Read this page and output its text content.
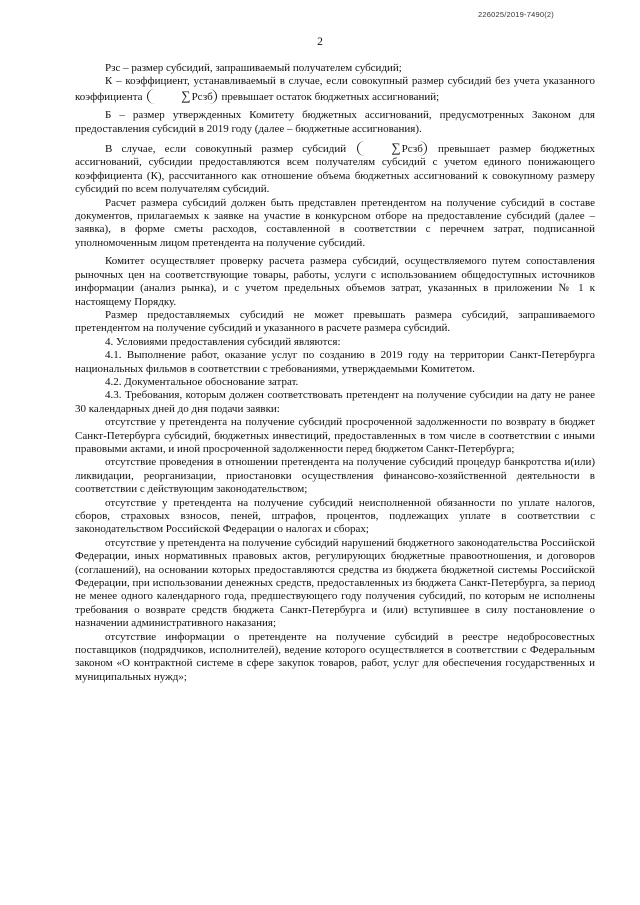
226025/2019-7490(2)
2

Рзс – размер субсидий, запрашиваемый получателем субсидий;

К – коэффициент, устанавливаемый в случае, если совокупный размер субсидий без учета указанного коэффициента	∑Рсзб превышает остаток бюджетных ассигнований;

Б – размер утвержденных Комитету бюджетных ассигнований, предусмотренных Законом для предоставления субсидий в 2019 году (далее – бюджетные ассигнования).

В случае, если совокупный размер субсидий	∑Рсзб превышает размер бюджетных ассигнований, субсидии предоставляются всем получателям субсидий с учетом единого понижающего коэффициента (К), рассчитанного как отношение объема бюджетных ассигнований к совокупному размеру субсидий по всем получателям субсидий.

Расчет размера субсидий должен быть представлен претендентом на получение субсидий в составе документов, прилагаемых к заявке на участие в конкурсном отборе на предоставление субсидий (далее – заявка), в форме сметы расходов, составленной в соответствии с перечнем затрат, подписанной уполномоченным лицом претендента на получение субсидий.

Комитет осуществляет проверку расчета размера субсидий, осуществляемого путем сопоставления рыночных цен на соответствующие товары, работы, услуги с использованием общедоступных источников информации (анализ рынка), и с учетом предельных объемов затрат, указанных в приложении № 1 к настоящему Порядку.

Размер предоставляемых субсидий не может превышать размера субсидий, запрашиваемого претендентом на получение субсидий и указанного в расчете размера субсидий.

4. Условиями предоставления субсидий являются:

4.1. Выполнение работ, оказание услуг по созданию в 2019 году на территории Санкт-Петербурга национальных фильмов в соответствии с требованиями, утверждаемыми Комитетом.

4.2. Документальное обоснование затрат.

4.3. Требования, которым должен соответствовать претендент на получение субсидии на дату не ранее 30 календарных дней до дня подачи заявки:

отсутствие у претендента на получение субсидий просроченной задолженности по возврату в бюджет Санкт-Петербурга субсидий, бюджетных инвестиций, предоставленных в том числе в соответствии с иными правовыми актами, и иной просроченной задолженности перед бюджетом Санкт-Петербурга;

отсутствие проведения в отношении претендента на получение субсидий процедур банкротства и(или) ликвидации, реорганизации, приостановки осуществления финансово-хозяйственной деятельности в соответствии с действующим законодательством;

отсутствие у претендента на получение субсидий неисполненной обязанности по уплате налогов, сборов, страховых взносов, пеней, штрафов, процентов, подлежащих уплате в соответствии с законодательством Российской Федерации о налогах и сборах;

отсутствие у претендента на получение субсидий нарушений бюджетного законодательства Российской Федерации, иных нормативных правовых актов, регулирующих бюджетные правоотношения, и договоров (соглашений), на основании которых предоставляются средства из бюджета бюджетной системы Российской Федерации, при использовании денежных средств, предоставленных из бюджета Санкт-Петербурга, за период не менее одного календарного года, предшествующего году получения субсидий, по которым не исполнены требования о возврате средств бюджета Санкт-Петербурга и (или) вступившее в силу постановление о назначении административного наказания;

отсутствие информации о претенденте на получение субсидий в реестре недобросовестных поставщиков (подрядчиков, исполнителей), ведение которого осуществляется в соответствии с Федеральным законом «О контрактной системе в сфере закупок товаров, работ, услуг для обеспечения государственных и муниципальных нужд»;
